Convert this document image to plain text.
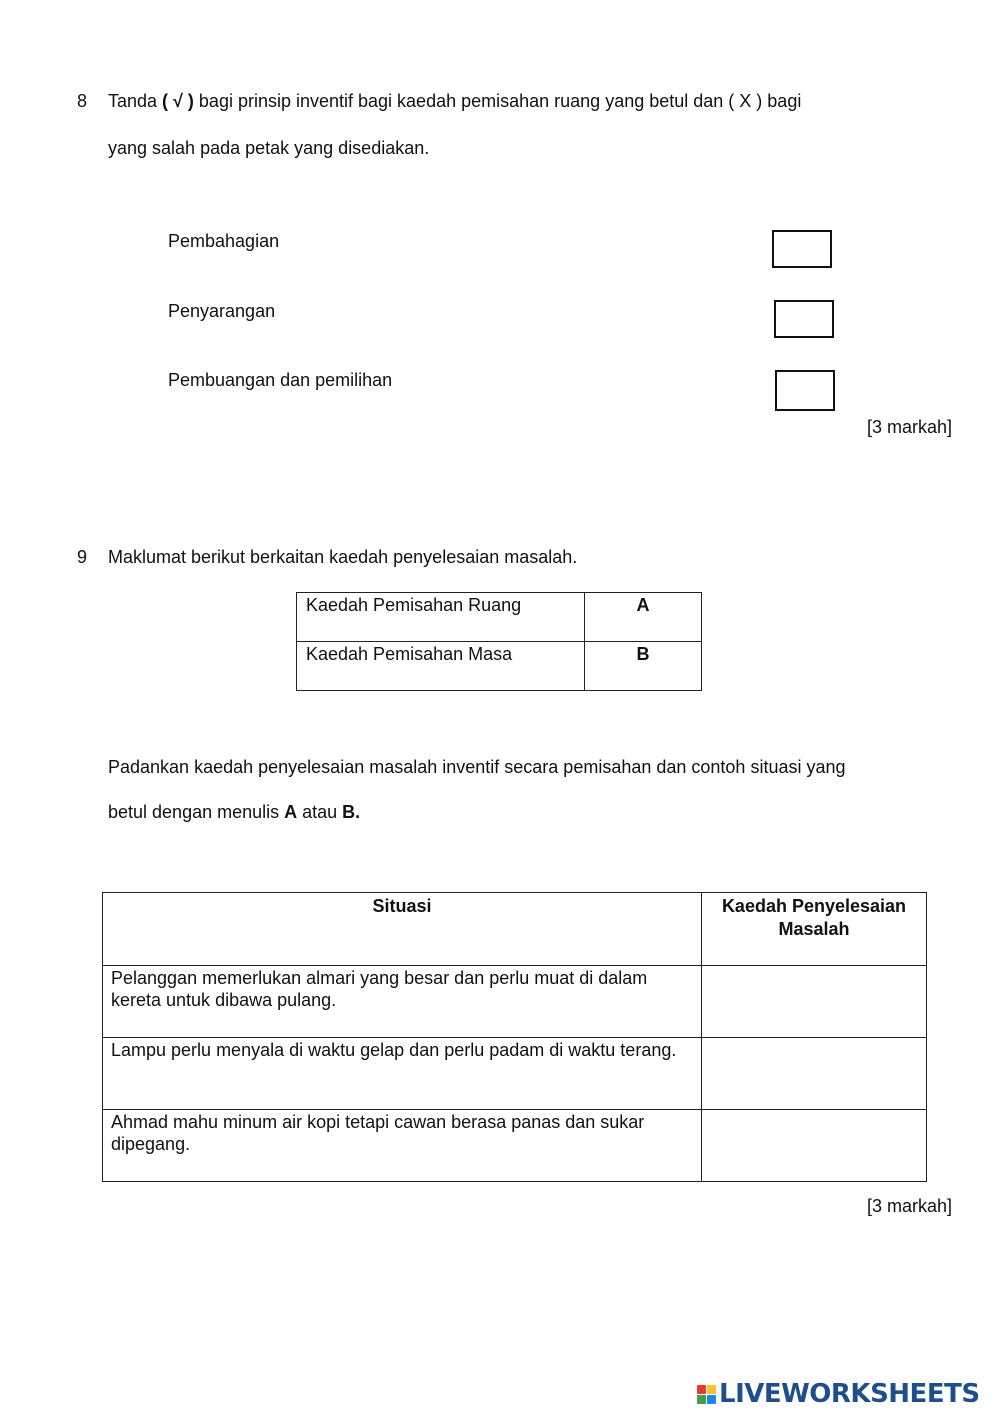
8 Tanda ( √ ) bagi prinsip inventif bagi kaedah pemisahan ruang yang betul dan ( X ) bagi
yang salah pada petak yang disediakan.
Pembahagian
Penyarangan
Pembuangan dan pemilihan
[3 markah]
9 Maklumat berikut berkaitan kaedah penyelesaian masalah.
Kaedah Pemisahan Ruang	A
Kaedah Pemisahan Masa	B
Padankan kaedah penyelesaian masalah inventif secara pemisahan dan contoh situasi yang
betul dengan menulis A atau B.
Situasi	Kaedah Penyelesaian Masalah
Pelanggan memerlukan almari yang besar dan perlu muat di dalam kereta untuk dibawa pulang.	
Lampu perlu menyala di waktu gelap dan perlu padam di waktu terang.	
Ahmad mahu minum air kopi tetapi cawan berasa panas dan sukar dipegang.	
[3 markah]
LIVEWORKSHEETS
